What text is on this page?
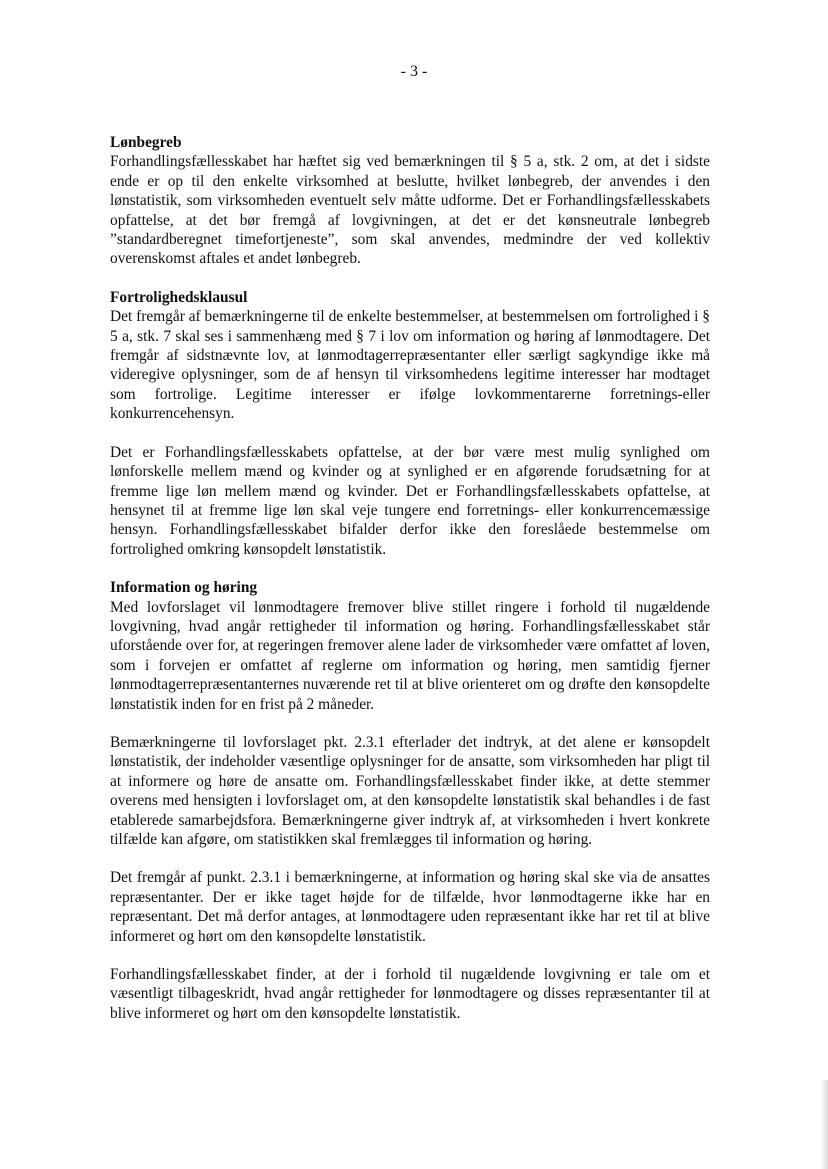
- 3 -
Lønbegreb
Forhandlingsfællesskabet har hæftet sig ved bemærkningen til § 5 a, stk. 2 om, at det i sidste ende er op til den enkelte virksomhed at beslutte, hvilket lønbegreb, der anvendes i den lønstatistik, som virksomheden eventuelt selv måtte udforme. Det er Forhandlingsfællesskabets opfattelse, at det bør fremgå af lovgivningen, at det er det kønsneutrale lønbegreb ”standardberegnet timefortjeneste”, som skal anvendes, medmindre der ved kollektiv overenskomst aftales et andet lønbegreb.
Fortrolighedsklausul
Det fremgår af bemærkningerne til de enkelte bestemmelser, at bestemmelsen om fortrolighed i § 5 a, stk. 7 skal ses i sammenhæng med § 7 i lov om information og høring af lønmodtagere. Det fremgår af sidstnævnte lov, at lønmodtagerrepræsentanter eller særligt sagkyndige ikke må videregive oplysninger, som de af hensyn til virksomhedens legitime interesser har modtaget som fortrolige. Legitime interesser er ifølge lovkommentarerne forretnings-eller konkurrencehensyn.
Det er Forhandlingsfællesskabets opfattelse, at der bør være mest mulig synlighed om lønforskelle mellem mænd og kvinder og at synlighed er en afgørende forudsætning for at fremme lige løn mellem mænd og kvinder. Det er Forhandlingsfællesskabets opfattelse, at hensynet til at fremme lige løn skal veje tungere end forretnings- eller konkurrencemæssige hensyn. Forhandlingsfællesskabet bifalder derfor ikke den foreslåede bestemmelse om fortrolighed omkring kønsopdelt lønstatistik.
Information og høring
Med lovforslaget vil lønmodtagere fremover blive stillet ringere i forhold til nugældende lovgivning, hvad angår rettigheder til information og høring. Forhandlingsfællesskabet står uforstående over for, at regeringen fremover alene lader de virksomheder være omfattet af loven, som i forvejen er omfattet af reglerne om information og høring, men samtidig fjerner lønmodtagerrepræsentanternes nuværende ret til at blive orienteret om og drøfte den kønsopdelte lønstatistik inden for en frist på 2 måneder.
Bemærkningerne til lovforslaget pkt. 2.3.1 efterlader det indtryk, at det alene er kønsopdelt lønstatistik, der indeholder væsentlige oplysninger for de ansatte, som virksomheden har pligt til at informere og høre de ansatte om. Forhandlingsfællesskabet finder ikke, at dette stemmer overens med hensigten i lovforslaget om, at den kønsopdelte lønstatistik skal behandles i de fast etablerede samarbejdsfora. Bemærkningerne giver indtryk af, at virksomheden i hvert konkrete tilfælde kan afgøre, om statistikken skal fremlægges til information og høring.
Det fremgår af punkt. 2.3.1 i bemærkningerne, at information og høring skal ske via de ansattes repræsentanter. Der er ikke taget højde for de tilfælde, hvor lønmodtagerne ikke har en repræsentant. Det må derfor antages, at lønmodtagere uden repræsentant ikke har ret til at blive informeret og hørt om den kønsopdelte lønstatistik.
Forhandlingsfællesskabet finder, at der i forhold til nugældende lovgivning er tale om et væsentligt tilbageskridt, hvad angår rettigheder for lønmodtagere og disses repræsentanter til at blive informeret og hørt om den kønsopdelte lønstatistik.
